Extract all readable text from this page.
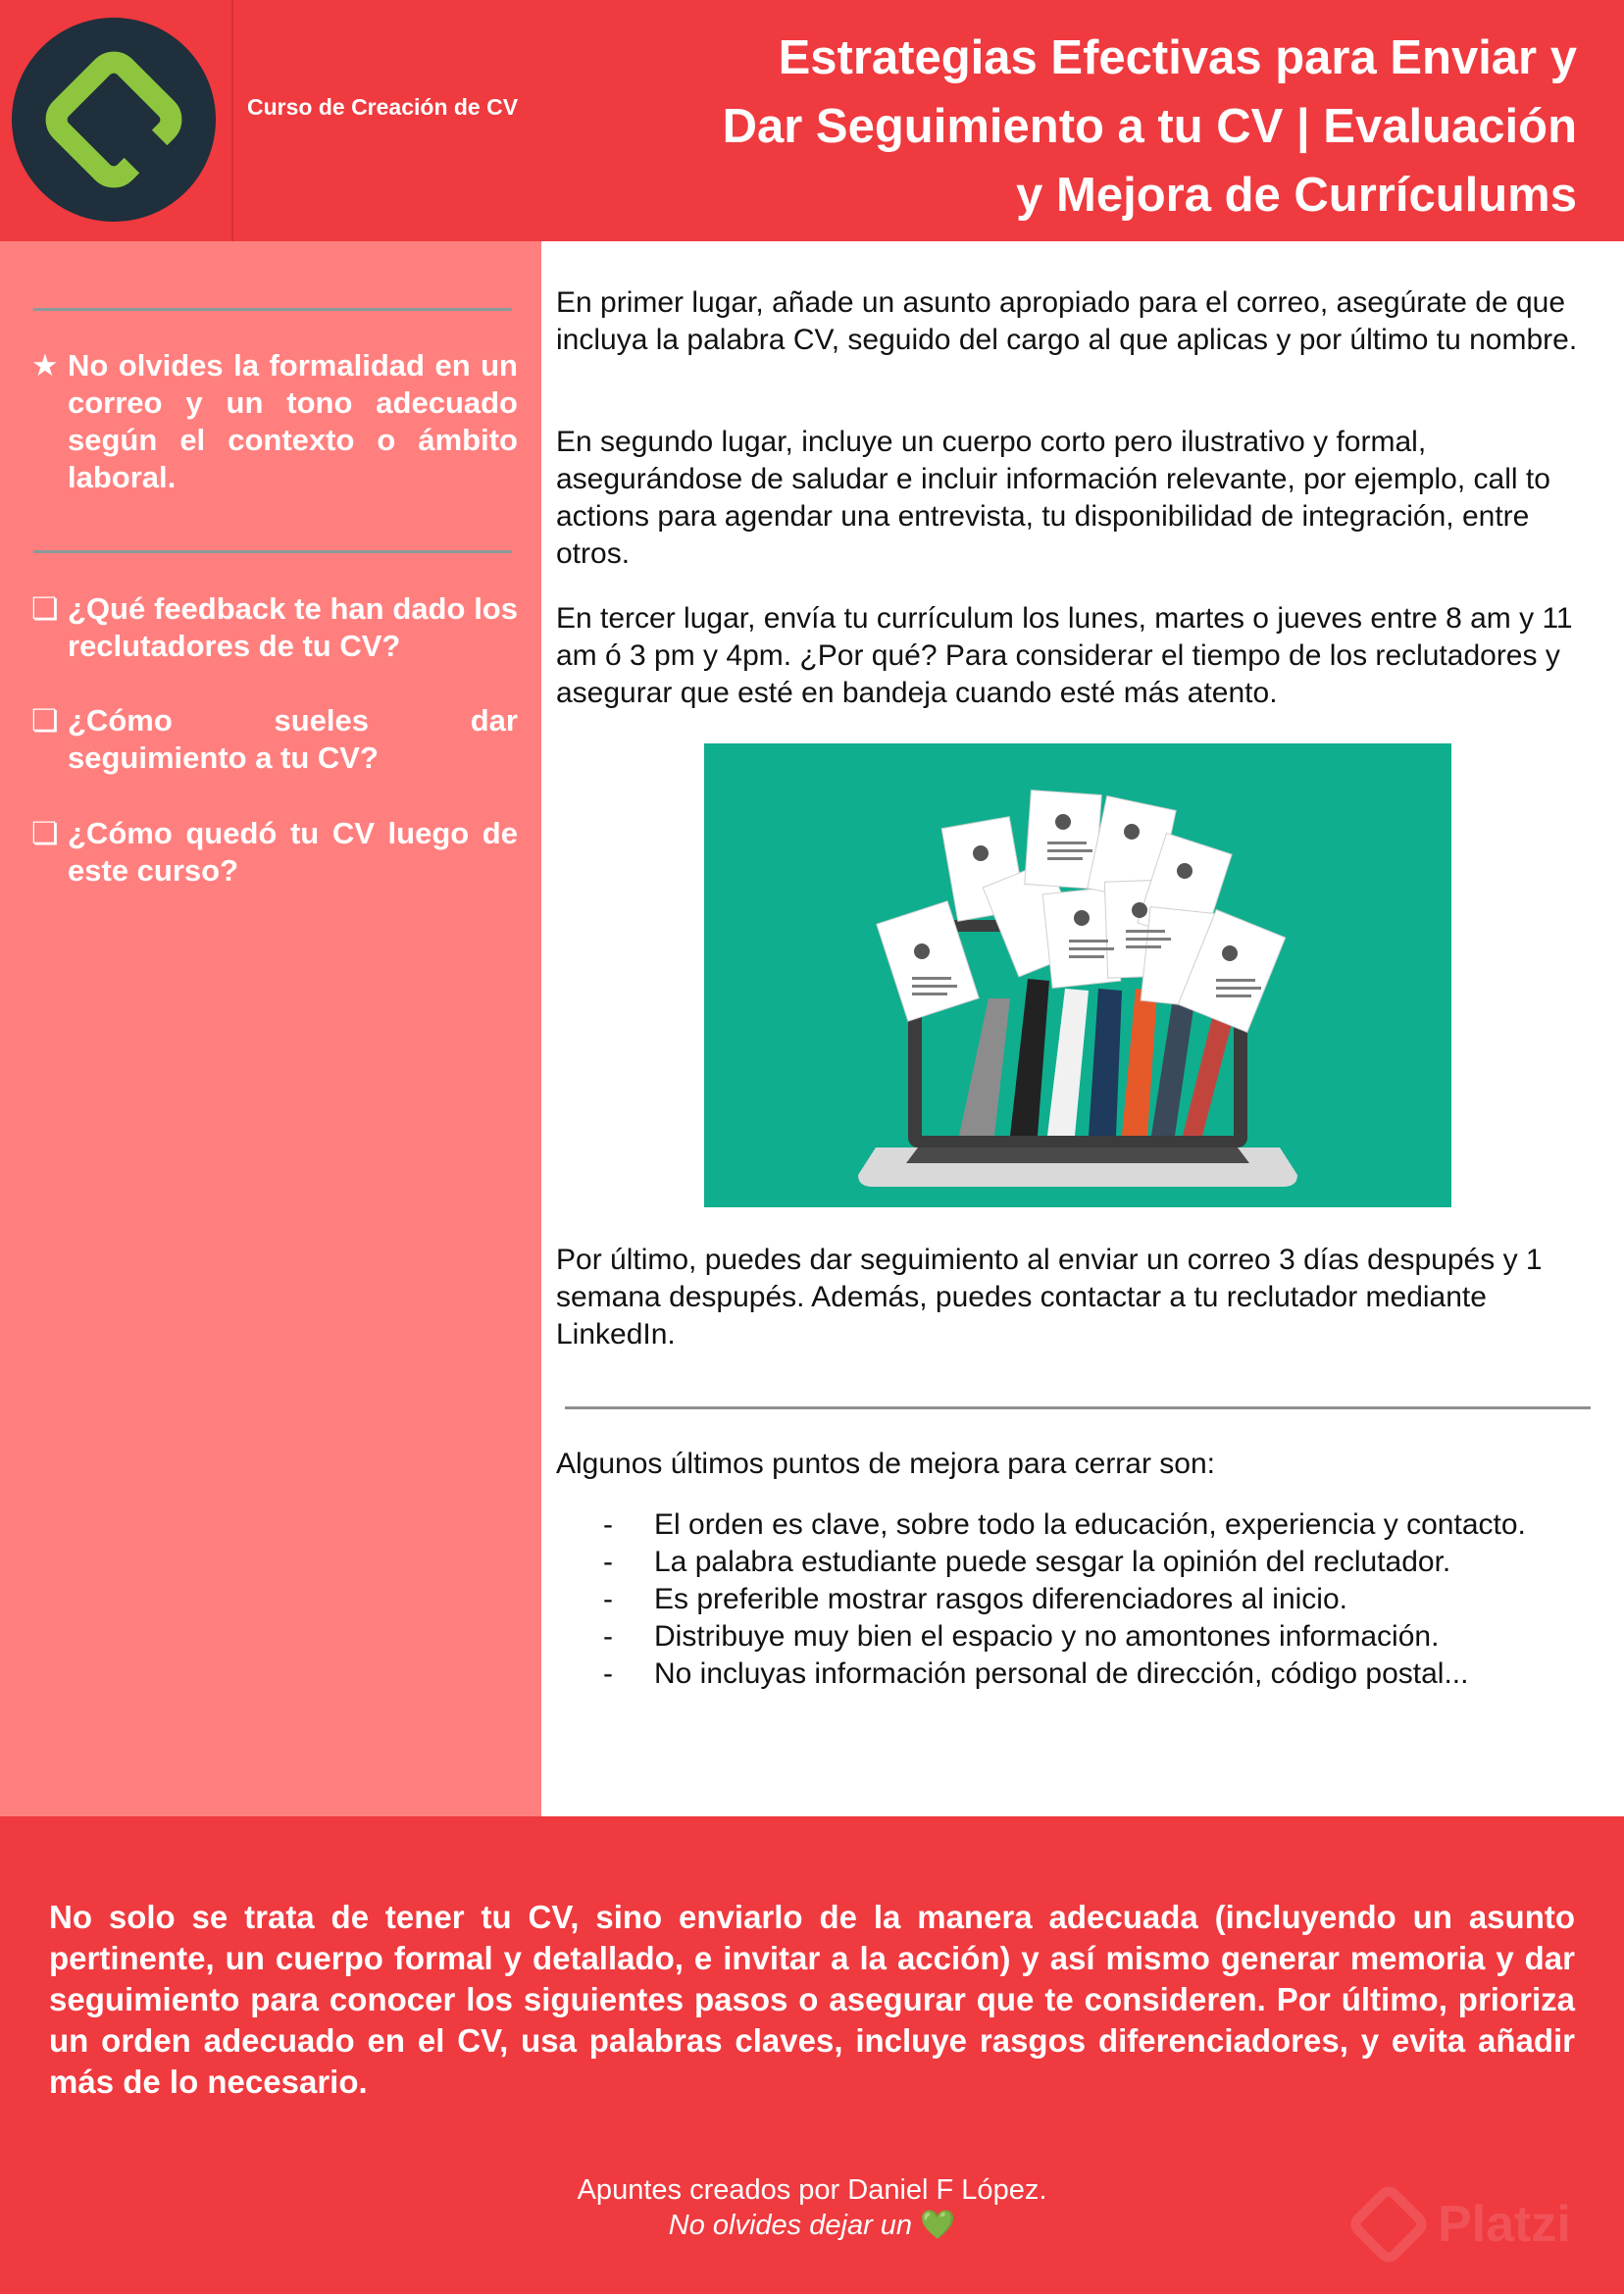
Curso de Creación de CV
Estrategias Efectivas para Enviar y
Dar Seguimiento a tu CV | Evaluación
y Mejora de Currículums
★ No olvides la formalidad en un correo y un tono adecuado según el contexto o ámbito laboral.
❏ ¿Qué feedback te han dado los reclutadores de tu CV?
❏ ¿Cómo sueles dar seguimiento a tu CV?
❏ ¿Cómo quedó tu CV luego de este curso?

En primer lugar, añade un asunto apropiado para el correo, asegúrate de que incluya la palabra CV, seguido del cargo al que aplicas y por último tu nombre.

En segundo lugar, incluye un cuerpo corto pero ilustrativo y formal, asegurándose de saludar e incluir información relevante, por ejemplo, call to actions para agendar una entrevista, tu disponibilidad de integración, entre otros.

En tercer lugar, envía tu currículum los lunes, martes o jueves entre 8 am y 11 am ó 3 pm y 4pm. ¿Por qué? Para considerar el tiempo de los reclutadores y asegurar que esté en bandeja cuando esté más atento.

Por último, puedes dar seguimiento al enviar un correo 3 días despupés y 1 semana despupés. Además, puedes contactar a tu reclutador mediante LinkedIn.

Algunos últimos puntos de mejora para cerrar son:

- El orden es clave, sobre todo la educación, experiencia y contacto.
- La palabra estudiante puede sesgar la opinión del reclutador.
- Es preferible mostrar rasgos diferenciadores al inicio.
- Distribuye muy bien el espacio y no amontones información.
- No incluyas información personal de dirección, código postal...

No solo se trata de tener tu CV, sino enviarlo de la manera adecuada (incluyendo un asunto pertinente, un cuerpo formal y detallado, e invitar a la acción) y así mismo generar memoria y dar seguimiento para conocer los siguientes pasos o asegurar que te consideren. Por último, prioriza un orden adecuado en el CV, usa palabras claves, incluye rasgos diferenciadores, y evita añadir más de lo necesario.

Apuntes creados por Daniel F López.
No olvides dejar un 💚	Platzi
